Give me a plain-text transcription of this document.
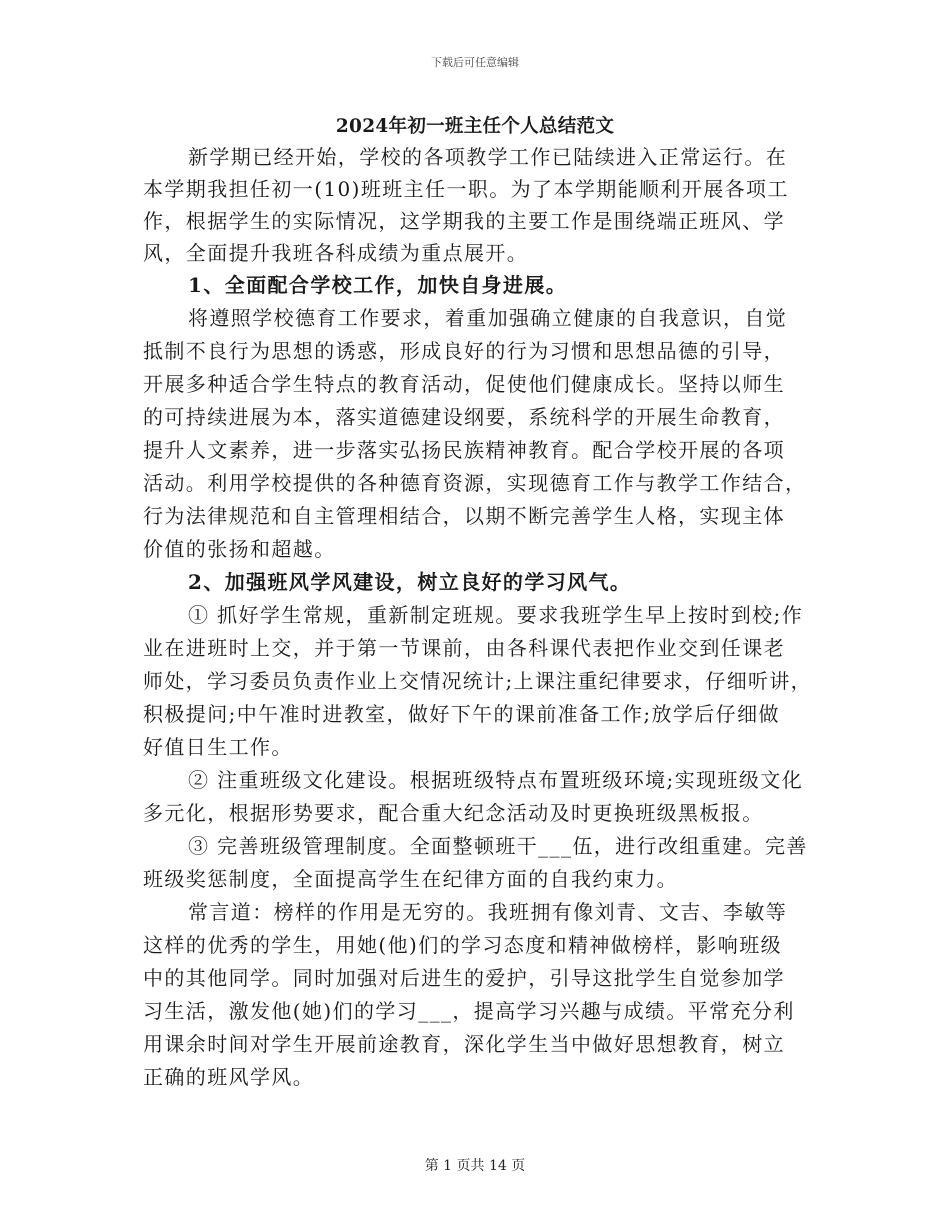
下载后可任意编辑
2024年初一班主任个人总结范文
新学期已经开始，学校的各项教学工作已陆续进入正常运行。在
本学期我担任初一(10)班班主任一职。为了本学期能顺利开展各项工
作，根据学生的实际情况，这学期我的主要工作是围绕端正班风、学
风，全面提升我班各科成绩为重点展开。
1、全面配合学校工作，加快自身进展。
将遵照学校德育工作要求，着重加强确立健康的自我意识，自觉
抵制不良行为思想的诱惑，形成良好的行为习惯和思想品德的引导，
开展多种适合学生特点的教育活动，促使他们健康成长。坚持以师生
的可持续进展为本，落实道德建设纲要，系统科学的开展生命教育，
提升人文素养，进一步落实弘扬民族精神教育。配合学校开展的各项
活动。利用学校提供的各种德育资源，实现德育工作与教学工作结合，
行为法律规范和自主管理相结合，以期不断完善学生人格，实现主体
价值的张扬和超越。
2、加强班风学风建设，树立良好的学习风气。
① 抓好学生常规，重新制定班规。要求我班学生早上按时到校;作
业在进班时上交，并于第一节课前，由各科课代表把作业交到任课老
师处，学习委员负责作业上交情况统计;上课注重纪律要求，仔细听讲，
积极提问;中午准时进教室，做好下午的课前准备工作;放学后仔细做
好值日生工作。
② 注重班级文化建设。根据班级特点布置班级环境;实现班级文化
多元化，根据形势要求，配合重大纪念活动及时更换班级黑板报。
③ 完善班级管理制度。全面整顿班干___伍，进行改组重建。完善
班级奖惩制度，全面提高学生在纪律方面的自我约束力。
常言道：榜样的作用是无穷的。我班拥有像刘青、文吉、李敏等
这样的优秀的学生，用她(他)们的学习态度和精神做榜样，影响班级
中的其他同学。同时加强对后进生的爱护，引导这批学生自觉参加学
习生活，激发他(她)们的学习___，提高学习兴趣与成绩。平常充分利
用课余时间对学生开展前途教育，深化学生当中做好思想教育，树立
正确的班风学风。
第 1 页共 14 页
